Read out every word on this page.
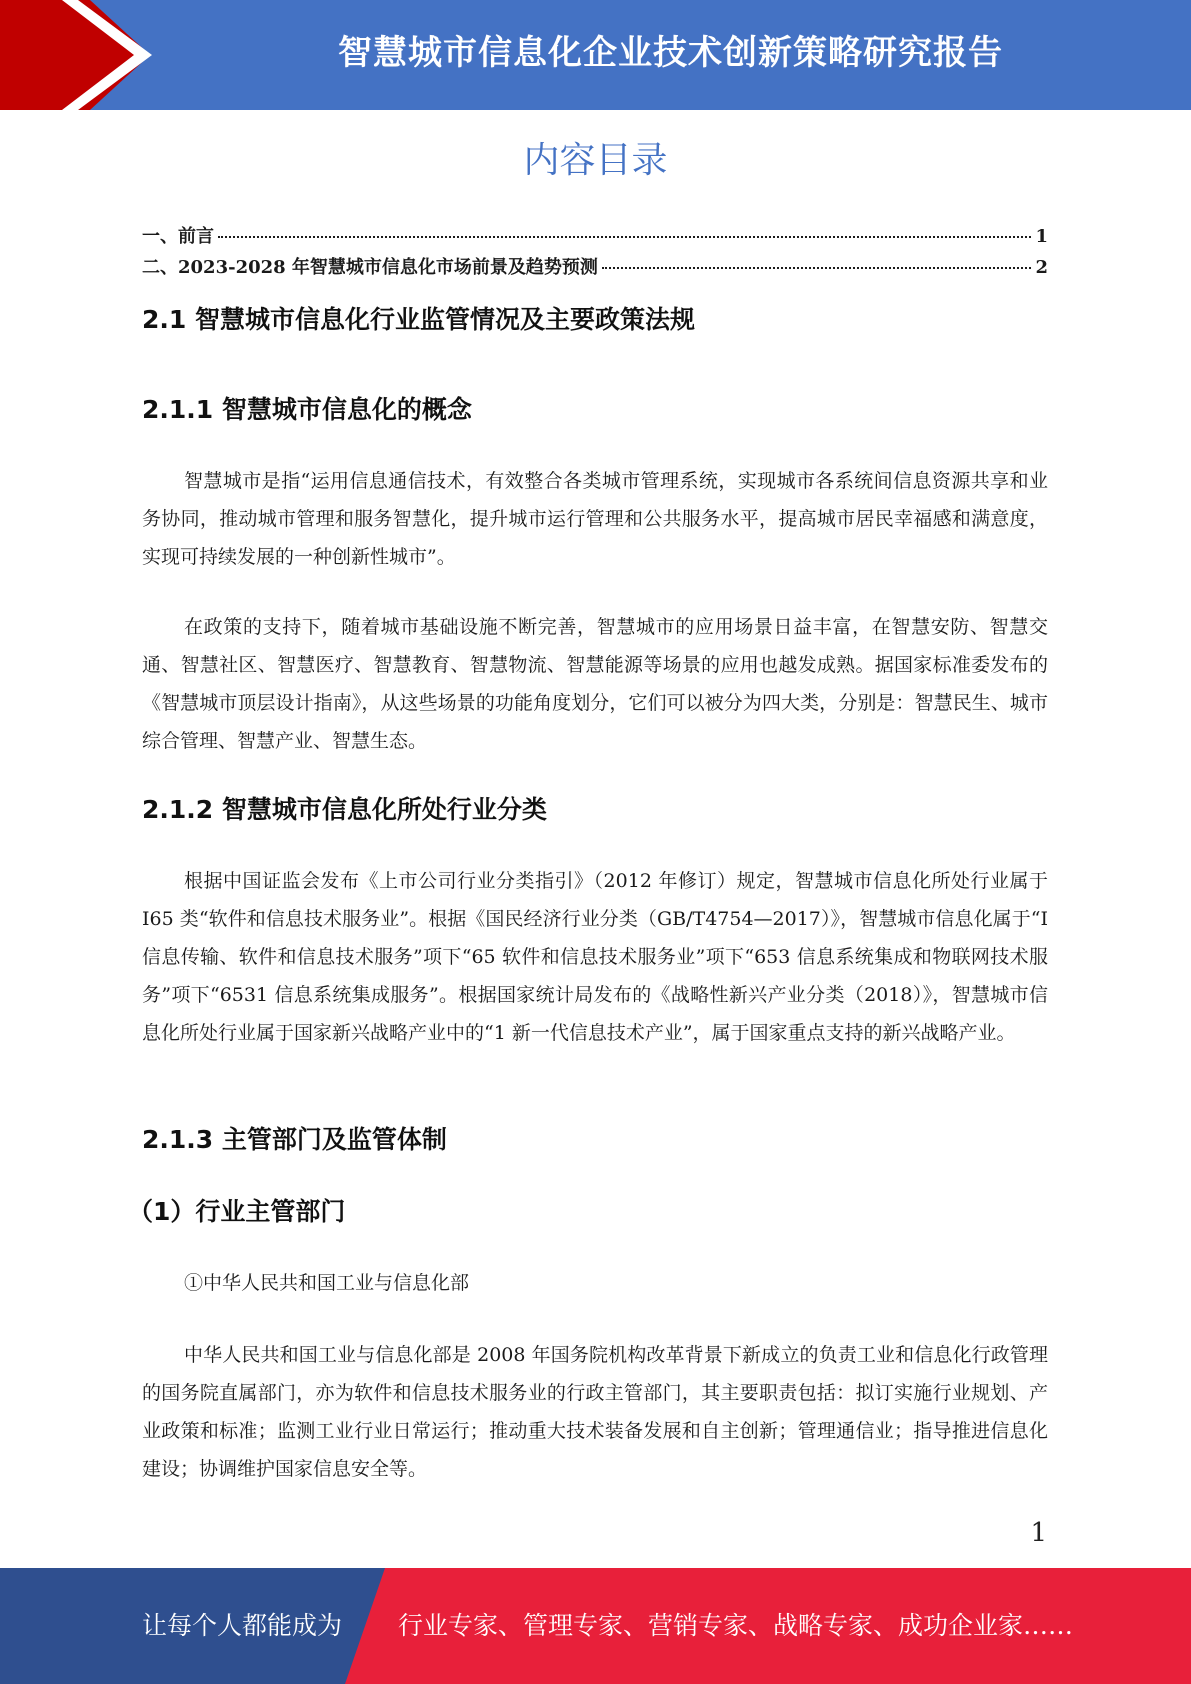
智慧城市信息化企业技术创新策略研究报告
内容目录
一、前言	1
二、2023-2028 年智慧城市信息化市场前景及趋势预测	2
2.1 智慧城市信息化行业监管情况及主要政策法规
2.1.1 智慧城市信息化的概念

智慧城市是指“运用信息通信技术，有效整合各类城市管理系统，实现城市各系统间信息资源共享和业务协同，推动城市管理和服务智慧化，提升城市运行管理和公共服务水平，提高城市居民幸福感和满意度，实现可持续发展的一种创新性城市”。

在政策的支持下，随着城市基础设施不断完善，智慧城市的应用场景日益丰富，在智慧安防、智慧交通、智慧社区、智慧医疗、智慧教育、智慧物流、智慧能源等场景的应用也越发成熟。据国家标准委发布的《智慧城市顶层设计指南》，从这些场景的功能角度划分，它们可以被分为四大类，分别是：智慧民生、城市综合管理、智慧产业、智慧生态。

2.1.2 智慧城市信息化所处行业分类

根据中国证监会发布《上市公司行业分类指引》（2012 年修订）规定，智慧城市信息化所处行业属于 I65 类“软件和信息技术服务业”。根据《国民经济行业分类（GB/T4754—2017）》，智慧城市信息化属于“I 信息传输、软件和信息技术服务”项下“65 软件和信息技术服务业”项下“653 信息系统集成和物联网技术服务”项下“6531 信息系统集成服务”。根据国家统计局发布的《战略性新兴产业分类（2018）》，智慧城市信息化所处行业属于国家新兴战略产业中的“1 新一代信息技术产业”，属于国家重点支持的新兴战略产业。

2.1.3 主管部门及监管体制
（1）行业主管部门

①中华人民共和国工业与信息化部

中华人民共和国工业与信息化部是 2008 年国务院机构改革背景下新成立的负责工业和信息化行政管理的国务院直属部门，亦为软件和信息技术服务业的行政主管部门，其主要职责包括：拟订实施行业规划、产业政策和标准；监测工业行业日常运行；推动重大技术装备发展和自主创新；管理通信业；指导推进信息化建设；协调维护国家信息安全等。

1
让每个人都能成为 行业专家、管理专家、营销专家、战略专家、成功企业家……
